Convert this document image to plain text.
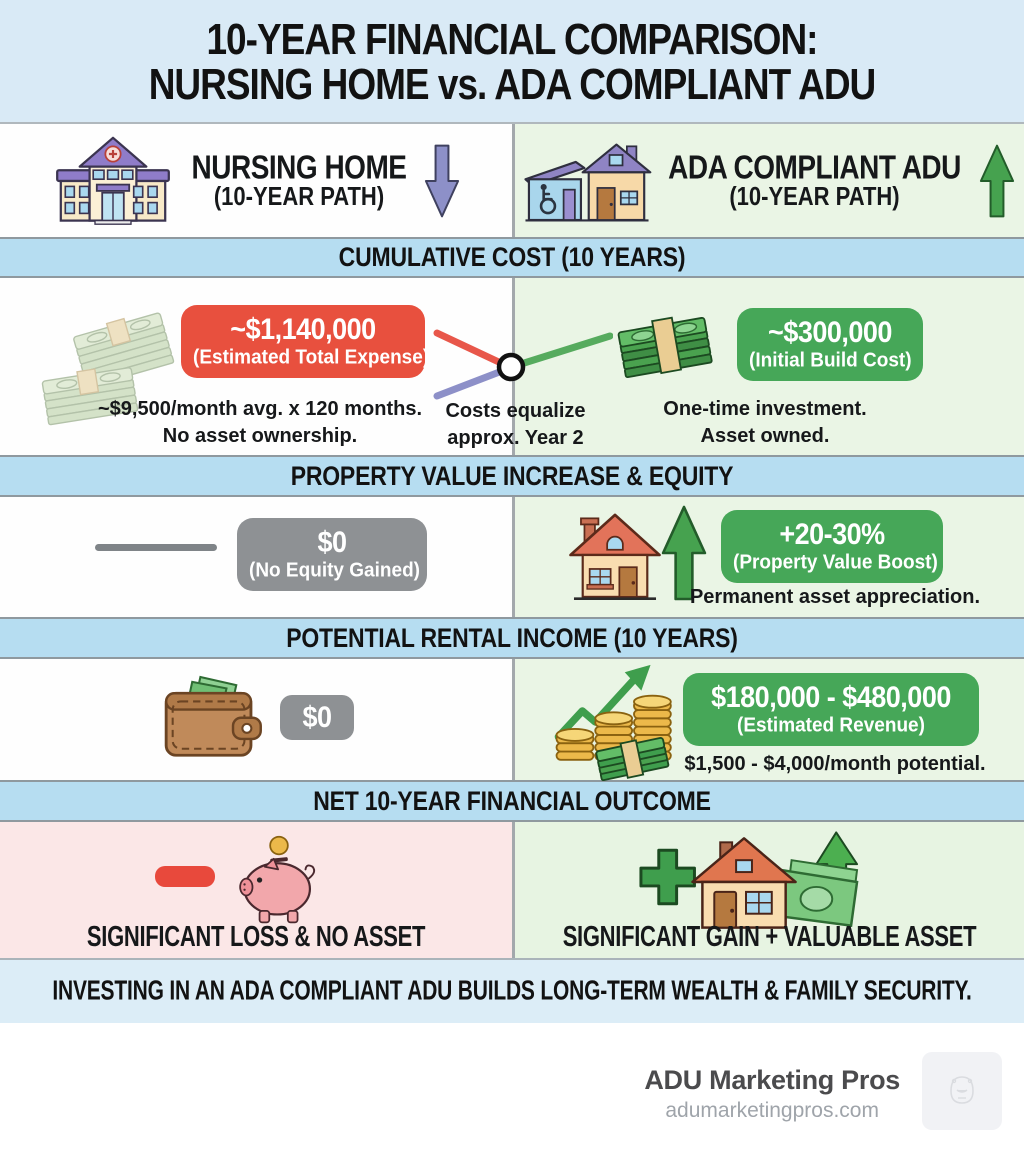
10-YEAR FINANCIAL COMPARISON:
NURSING HOME vs. ADA COMPLIANT ADU
NURSING HOME
(10-YEAR PATH)
ADA COMPLIANT ADU
(10-YEAR PATH)
CUMULATIVE COST (10 YEARS)
~$1,140,000
(Estimated Total Expense)
~$9,500/month avg. x 120 months.
No asset ownership.
~$300,000
(Initial Build Cost)
One-time investment.
Asset owned.
Costs equalize
approx. Year 2
PROPERTY VALUE INCREASE & EQUITY
$0
(No Equity Gained)
+20-30%
(Property Value Boost)
Permanent asset appreciation.
POTENTIAL RENTAL INCOME (10 YEARS)
$0
$180,000 - $480,000
(Estimated Revenue)
$1,500 - $4,000/month potential.
NET 10-YEAR FINANCIAL OUTCOME
SIGNIFICANT LOSS & NO ASSET	SIGNIFICANT GAIN + VALUABLE ASSET
INVESTING IN AN ADA COMPLIANT ADU BUILDS LONG-TERM WEALTH & FAMILY SECURITY.
ADU Marketing Pros
adumarketingpros.com
